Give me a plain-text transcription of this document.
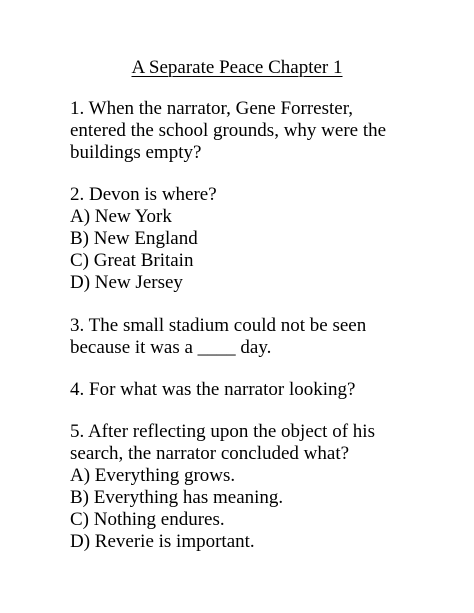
A Separate Peace Chapter 1
1. When the narrator, Gene Forrester,
entered the school grounds, why were the
buildings empty?
2. Devon is where?
A) New York
B) New England
C) Great Britain
D) New Jersey
3. The small stadium could not be seen
because it was a ____ day.
4. For what was the narrator looking?
5. After reflecting upon the object of his
search, the narrator concluded what?
A) Everything grows.
B) Everything has meaning.
C) Nothing endures.
D) Reverie is important.
